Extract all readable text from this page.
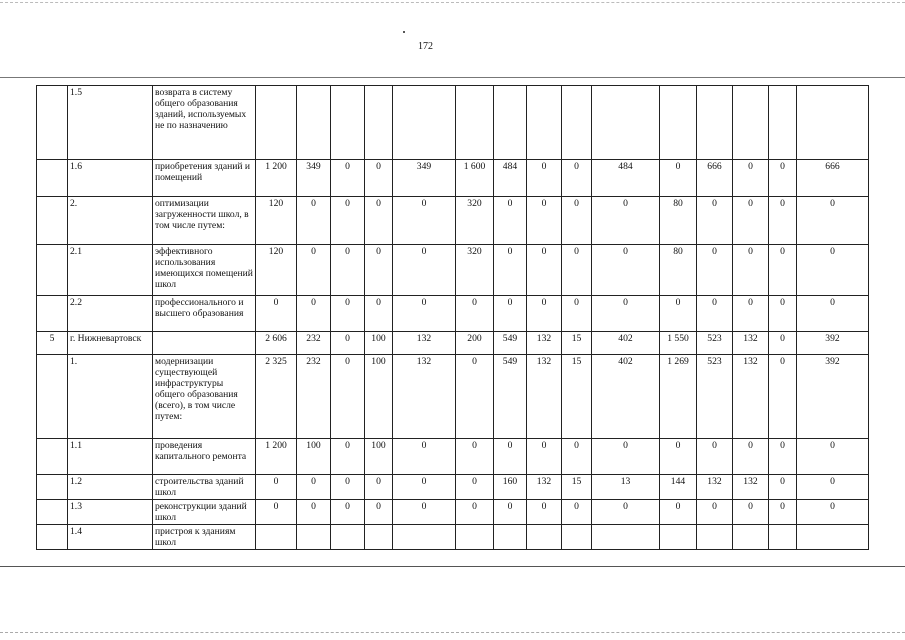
172
	1.5	возврата в систему общего образования зданий, используемых не по назначению															
	1.6	приобретения зданий и помещений	1 200	349	0	0	349	1 600	484	0	0	484	0	666	0	0	666
	2.	оптимизации загруженности школ, в том числе путем:	120	0	0	0	0	320	0	0	0	0	80	0	0	0	0
	2.1	эффективного использования имеющихся помещений школ	120	0	0	0	0	320	0	0	0	0	80	0	0	0	0
	2.2	профессионального и высшего образования	0	0	0	0	0	0	0	0	0	0	0	0	0	0	0
5	г. Нижневартовск		2 606	232	0	100	132	200	549	132	15	402	1 550	523	132	0	392
	1.	модернизации существующей инфраструктуры общего образования (всего), в том числе путем:	2 325	232	0	100	132	0	549	132	15	402	1 269	523	132	0	392
	1.1	проведения капитального ремонта	1 200	100	0	100	0	0	0	0	0	0	0	0	0	0	0
	1.2	строительства зданий школ	0	0	0	0	0	0	160	132	15	13	144	132	132	0	0
	1.3	реконструкции зданий школ	0	0	0	0	0	0	0	0	0	0	0	0	0	0	0
	1.4	пристроя к зданиям школ															
